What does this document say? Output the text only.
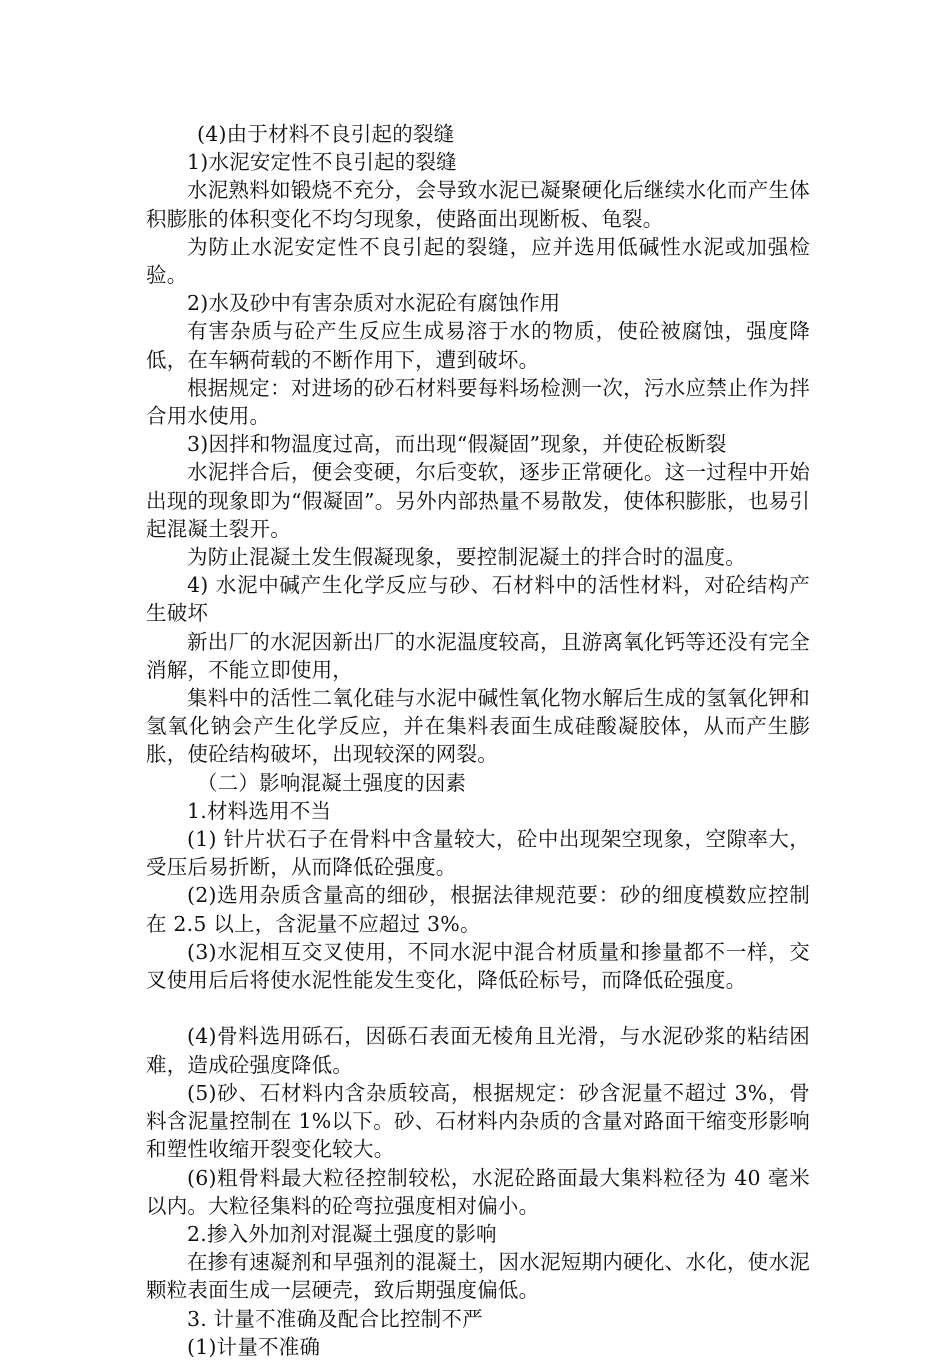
(4)由于材料不良引起的裂缝

1)水泥安定性不良引起的裂缝

水泥熟料如锻烧不充分，会导致水泥已凝聚硬化后继续水化而产生体积膨胀的体积变化不均匀现象，使路面出现断板、龟裂。

为防止水泥安定性不良引起的裂缝，应并选用低碱性水泥或加强检验。

2)水及砂中有害杂质对水泥砼有腐蚀作用

有害杂质与砼产生反应生成易溶于水的物质，使砼被腐蚀，强度降低，在车辆荷载的不断作用下，遭到破坏。

根据规定：对进场的砂石材料要每料场检测一次，污水应禁止作为拌合用水使用。

3)因拌和物温度过高，而出现“假凝固”现象，并使砼板断裂

水泥拌合后，便会变硬，尔后变软，逐步正常硬化。这一过程中开始出现的现象即为“假凝固”。另外内部热量不易散发，使体积膨胀，也易引起混凝土裂开。

为防止混凝土发生假凝现象，要控制泥凝土的拌合时的温度。

4) 水泥中碱产生化学反应与砂、石材料中的活性材料，对砼结构产生破坏

新出厂的水泥因新出厂的水泥温度较高，且游离氧化钙等还没有完全消解，不能立即使用，

集料中的活性二氧化硅与水泥中碱性氧化物水解后生成的氢氧化钾和氢氧化钠会产生化学反应，并在集料表面生成硅酸凝胶体，从而产生膨胀，使砼结构破坏，出现较深的网裂。

（二）影响混凝土强度的因素

1.材料选用不当

(1) 针片状石子在骨料中含量较大，砼中出现架空现象，空隙率大，受压后易折断，从而降低砼强度。

(2)选用杂质含量高的细砂，根据法律规范要：砂的细度模数应控制在 2.5 以上，含泥量不应超过 3%。

(3)水泥相互交叉使用，不同水泥中混合材质量和掺量都不一样，交叉使用后后将使水泥性能发生变化，降低砼标号，而降低砼强度。

(4)骨料选用砾石，因砾石表面无棱角且光滑，与水泥砂浆的粘结困难，造成砼强度降低。

(5)砂、石材料内含杂质较高，根据规定：砂含泥量不超过 3%，骨料含泥量控制在 1%以下。砂、石材料内杂质的含量对路面干缩变形影响和塑性收缩开裂变化较大。

(6)粗骨料最大粒径控制较松，水泥砼路面最大集料粒径为 40 毫米以内。大粒径集料的砼弯拉强度相对偏小。

2.掺入外加剂对混凝土强度的影响

在掺有速凝剂和早强剂的混凝土，因水泥短期内硬化、水化，使水泥颗粒表面生成一层硬壳，致后期强度偏低。

3. 计量不准确及配合比控制不严

(1)计量不准确
